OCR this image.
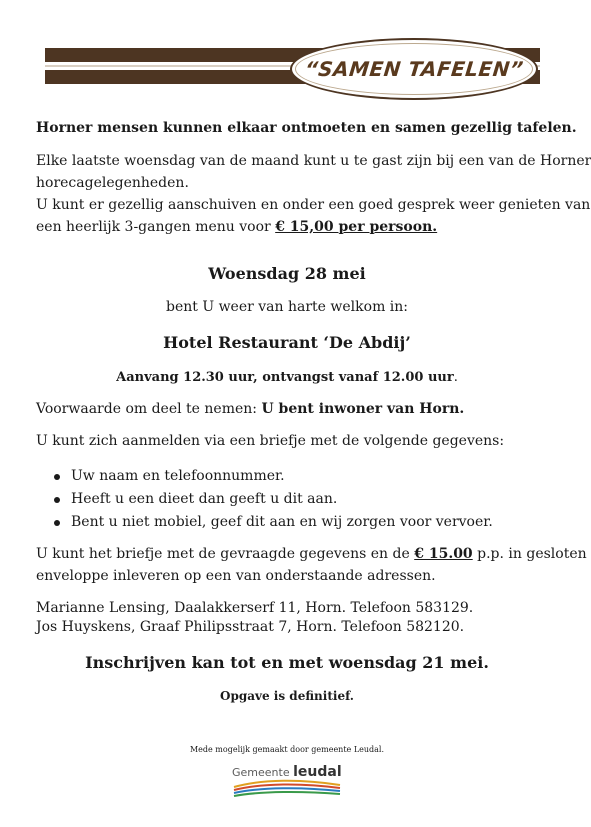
“SAMEN TAFELEN”
Horner mensen kunnen elkaar ontmoeten en samen gezellig tafelen.
Elke laatste woensdag van de maand kunt u te gast zijn bij een van de Horner
horecagelegenheden.
U kunt er gezellig aanschuiven en onder een goed gesprek weer genieten van
een heerlijk 3-gangen menu voor € 15,00 per persoon.
Woensdag 28 mei
bent U weer van harte welkom in:
Hotel Restaurant ‘De Abdij’
Aanvang 12.30 uur, ontvangst vanaf 12.00 uur.
Voorwaarde om deel te nemen: U bent inwoner van Horn.
U kunt zich aanmelden via een briefje met de volgende gegevens:
Uw naam en telefoonnummer.
Heeft u een dieet dan geeft u dit aan.
Bent u niet mobiel, geef dit aan en wij zorgen voor vervoer.
U kunt het briefje met de gevraagde gegevens en de € 15.00 p.p. in gesloten
enveloppe inleveren op een van onderstaande adressen.
Marianne Lensing, Daalakkerserf 11, Horn. Telefoon 583129.
Jos Huyskens, Graaf Philipsstraat 7, Horn. Telefoon 582120.
Inschrijven kan tot en met woensdag 21 mei.
Opgave is definitief.
Mede mogelijk gemaakt door gemeente Leudal.
Gemeente leudal
